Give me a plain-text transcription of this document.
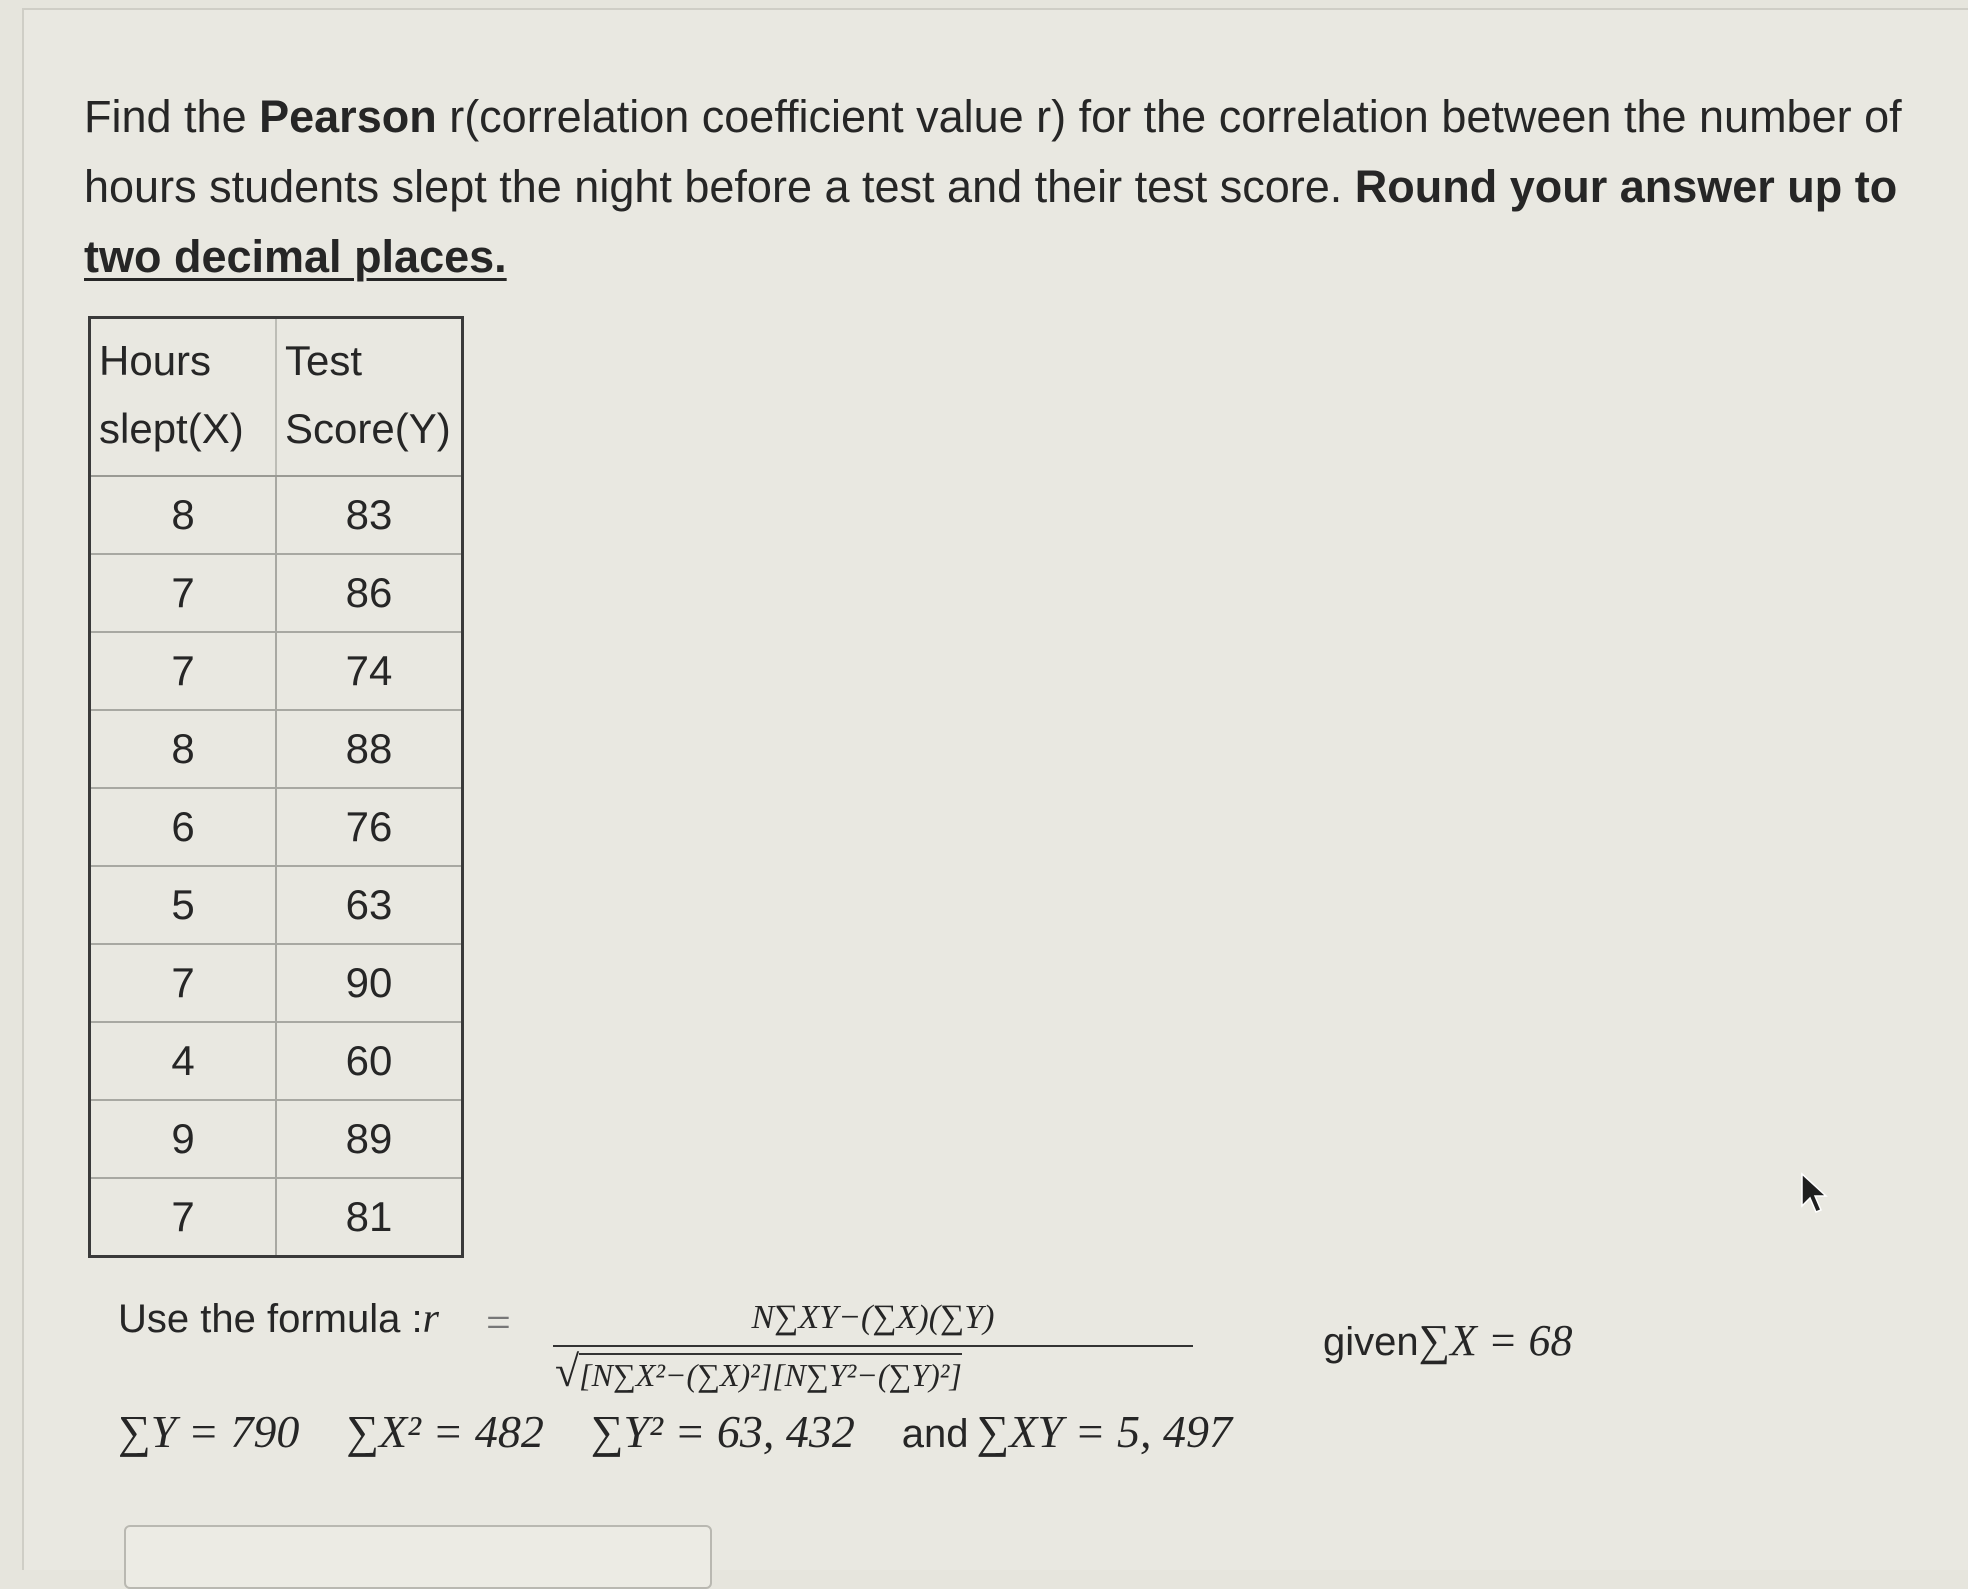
Find the Pearson r(correlation coefficient value r) for the correlation between the number of hours students slept the night before a test and their test score. Round your answer up to two decimal places.
Hours slept(X)	Test Score(Y)
8	83
7	86
7	74
8	88
6	76
5	63
7	90
4	60
9	89
7	81
Use the formula :r =	N∑XY−(∑X)(∑Y)
√[N∑X²−(∑X)²][N∑Y²−(∑Y)²]
given∑X = 68
∑Y = 790 ∑X² = 482 ∑Y² = 63, 432 and ∑XY = 5, 497
